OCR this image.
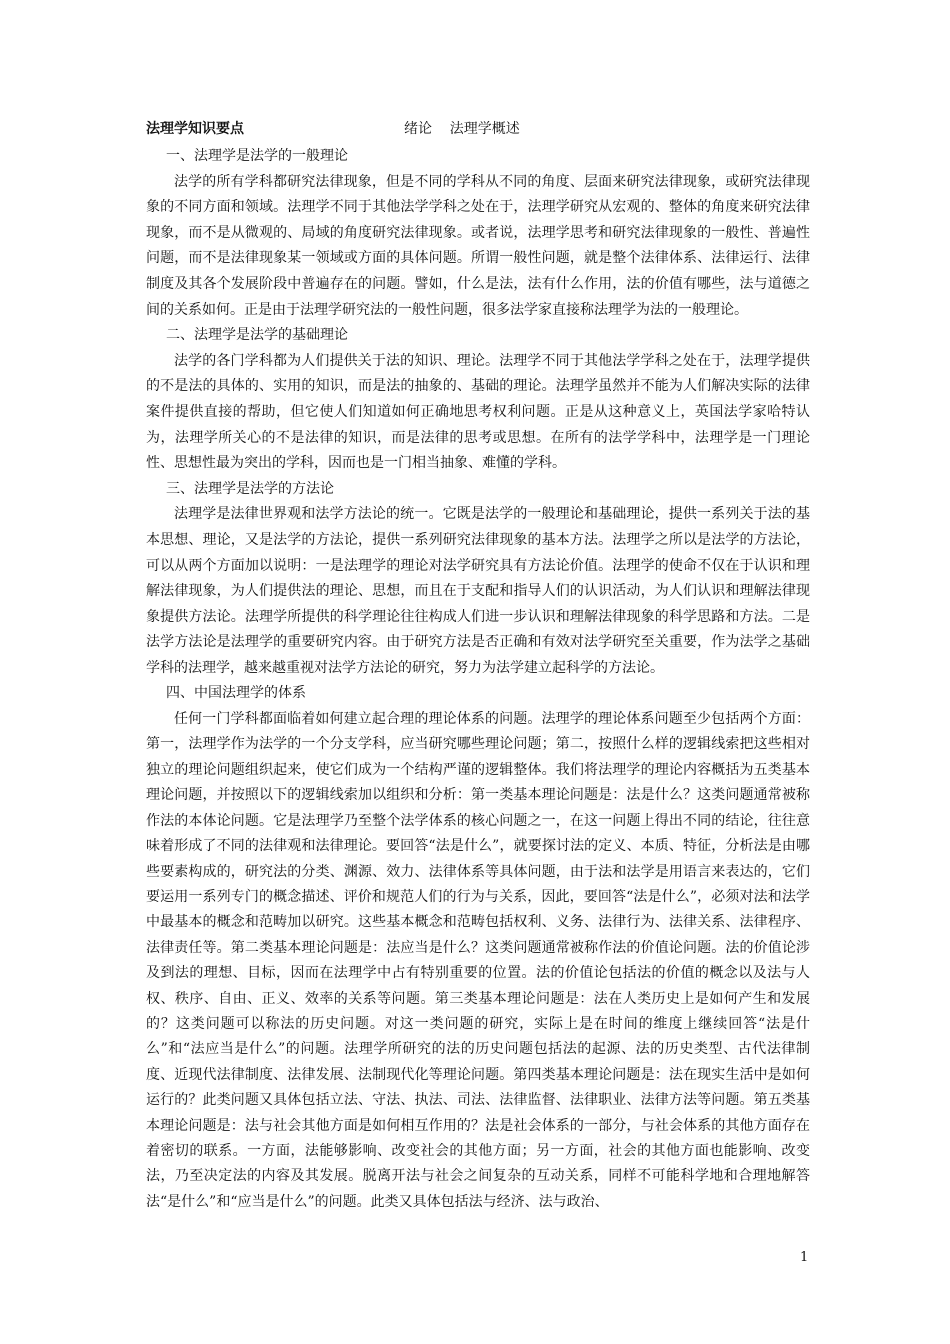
法理学知识要点	绪论    法理学概述

一、法理学是法学的一般理论

法学的所有学科都研究法律现象，但是不同的学科从不同的角度、层面来研究法律现象，或研究法律现象的不同方面和领域。法理学不同于其他法学学科之处在于，法理学研究从宏观的、整体的角度来研究法律现象，而不是从微观的、局域的角度研究法律现象。或者说，法理学思考和研究法律现象的一般性、普遍性问题，而不是法律现象某一领域或方面的具体问题。所谓一般性问题，就是整个法律体系、法律运行、法律制度及其各个发展阶段中普遍存在的问题。譬如，什么是法，法有什么作用，法的价值有哪些，法与道德之间的关系如何。正是由于法理学研究法的一般性问题，很多法学家直接称法理学为法的一般理论。

二、法理学是法学的基础理论

法学的各门学科都为人们提供关于法的知识、理论。法理学不同于其他法学学科之处在于，法理学提供的不是法的具体的、实用的知识，而是法的抽象的、基础的理论。法理学虽然并不能为人们解决实际的法律案件提供直接的帮助，但它使人们知道如何正确地思考权利问题。正是从这种意义上，英国法学家哈特认为，法理学所关心的不是法律的知识，而是法律的思考或思想。在所有的法学学科中，法理学是一门理论性、思想性最为突出的学科，因而也是一门相当抽象、难懂的学科。

三、法理学是法学的方法论

法理学是法律世界观和法学方法论的统一。它既是法学的一般理论和基础理论，提供一系列关于法的基本思想、理论，又是法学的方法论，提供一系列研究法律现象的基本方法。法理学之所以是法学的方法论，可以从两个方面加以说明：一是法理学的理论对法学研究具有方法论价值。法理学的使命不仅在于认识和理解法律现象，为人们提供法的理论、思想，而且在于支配和指导人们的认识活动，为人们认识和理解法律现象提供方法论。法理学所提供的科学理论往往构成人们进一步认识和理解法律现象的科学思路和方法。二是法学方法论是法理学的重要研究内容。由于研究方法是否正确和有效对法学研究至关重要，作为法学之基础学科的法理学，越来越重视对法学方法论的研究，努力为法学建立起科学的方法论。

四、中国法理学的体系

任何一门学科都面临着如何建立起合理的理论体系的问题。法理学的理论体系问题至少包括两个方面：第一，法理学作为法学的一个分支学科，应当研究哪些理论问题；第二，按照什么样的逻辑线索把这些相对独立的理论问题组织起来，使它们成为一个结构严谨的逻辑整体。我们将法理学的理论内容概括为五类基本理论问题，并按照以下的逻辑线索加以组织和分析：第一类基本理论问题是：法是什么？这类问题通常被称作法的本体论问题。它是法理学乃至整个法学体系的核心问题之一，在这一问题上得出不同的结论，往往意味着形成了不同的法律观和法律理论。要回答“法是什么”，就要探讨法的定义、本质、特征，分析法是由哪些要素构成的，研究法的分类、渊源、效力、法律体系等具体问题，由于法和法学是用语言来表达的，它们要运用一系列专门的概念描述、评价和规范人们的行为与关系，因此，要回答“法是什么”，必须对法和法学中最基本的概念和范畴加以研究。这些基本概念和范畴包括权利、义务、法律行为、法律关系、法律程序、法律责任等。第二类基本理论问题是：法应当是什么？这类问题通常被称作法的价值论问题。法的价值论涉及到法的理想、目标，因而在法理学中占有特别重要的位置。法的价值论包括法的价值的概念以及法与人权、秩序、自由、正义、效率的关系等问题。第三类基本理论问题是：法在人类历史上是如何产生和发展的？这类问题可以称法的历史问题。对这一类问题的研究，实际上是在时间的维度上继续回答“法是什么”和“法应当是什么”的问题。法理学所研究的法的历史问题包括法的起源、法的历史类型、古代法律制度、近现代法律制度、法律发展、法制现代化等理论问题。第四类基本理论问题是：法在现实生活中是如何运行的？此类问题又具体包括立法、守法、执法、司法、法律监督、法律职业、法律方法等问题。第五类基本理论问题是：法与社会其他方面是如何相互作用的？法是社会体系的一部分，与社会体系的其他方面存在着密切的联系。一方面，法能够影响、改变社会的其他方面；另一方面，社会的其他方面也能影响、改变法，乃至决定法的内容及其发展。脱离开法与社会之间复杂的互动关系，同样不可能科学地和合理地解答法“是什么”和“应当是什么”的问题。此类又具体包括法与经济、法与政治、

1
